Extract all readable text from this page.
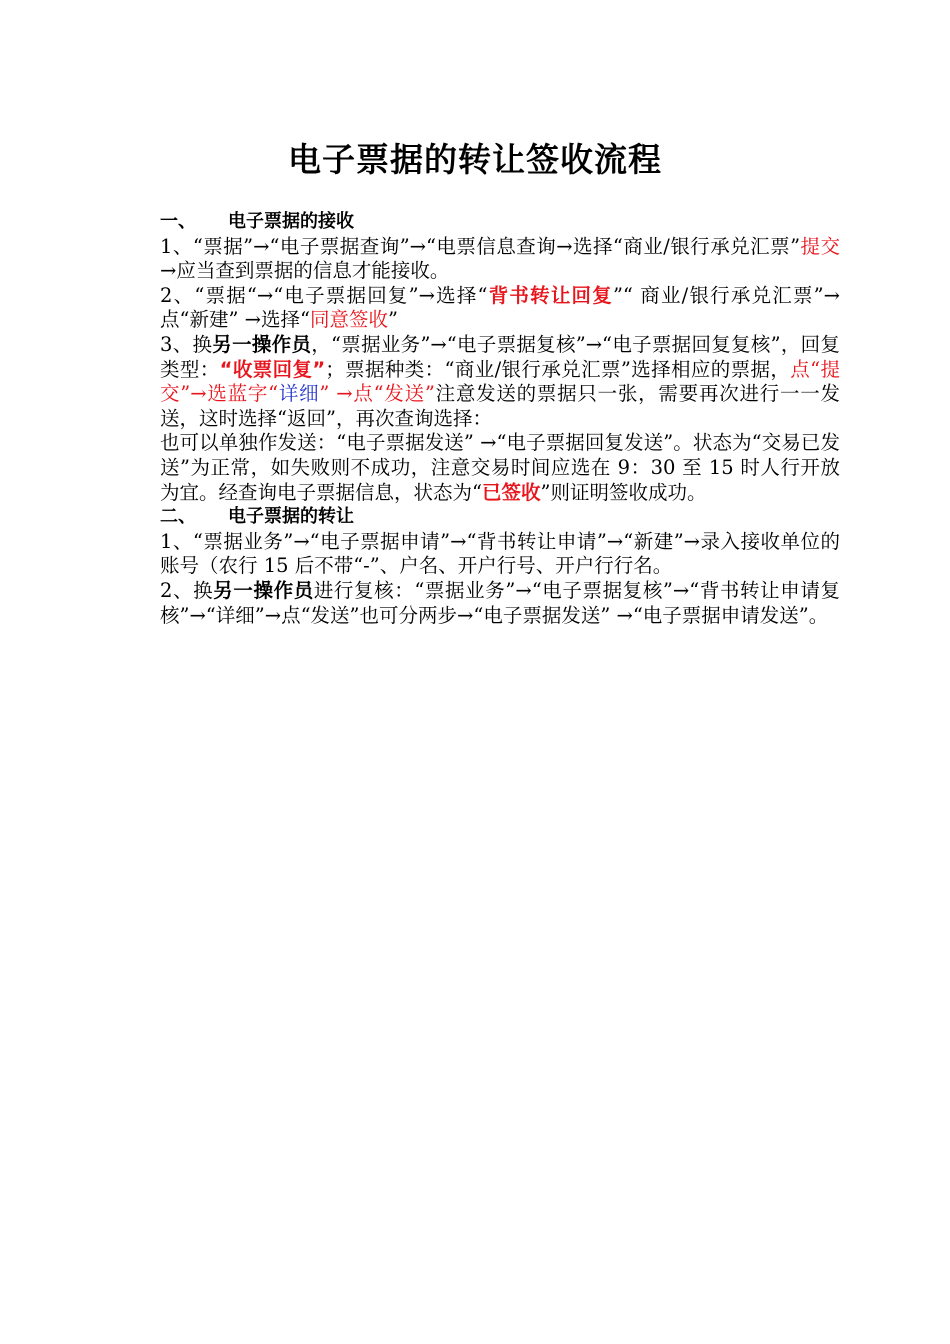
电子票据的转让签收流程

一、 电子票据的接收

1、“票据”→“电子票据查询”→“电票信息查询→选择“商业/银行承兑汇票”提交→应当查到票据的信息才能接收。

2、“票据“→“电子票据回复”→选择“背书转让回复”“ 商业/银行承兑汇票”→点“新建” →选择“同意签收”

3、换另一操作员，“票据业务”→“电子票据复核”→“电子票据回复复核”，回复类型：“收票回复”；票据种类：“商业/银行承兑汇票”选择相应的票据，点“提交”→选蓝字“详细” →点“发送”注意发送的票据只一张，需要再次进行一一发送，这时选择“返回”，再次查询选择：

也可以单独作发送：“电子票据发送” →“电子票据回复发送”。状态为“交易已发送”为正常，如失败则不成功，注意交易时间应选在 9：30 至 15 时人行开放为宜。经查询电子票据信息，状态为“已签收”则证明签收成功。

二、 电子票据的转让

1、“票据业务”→“电子票据申请”→“背书转让申请”→“新建”→录入接收单位的账号（农行 15 后不带“-”、户名、开户行号、开户行行名。

2、换另一操作员进行复核：“票据业务”→“电子票据复核”→“背书转让申请复核”→“详细”→点“发送”也可分两步→“电子票据发送” →“电子票据申请发送”。
